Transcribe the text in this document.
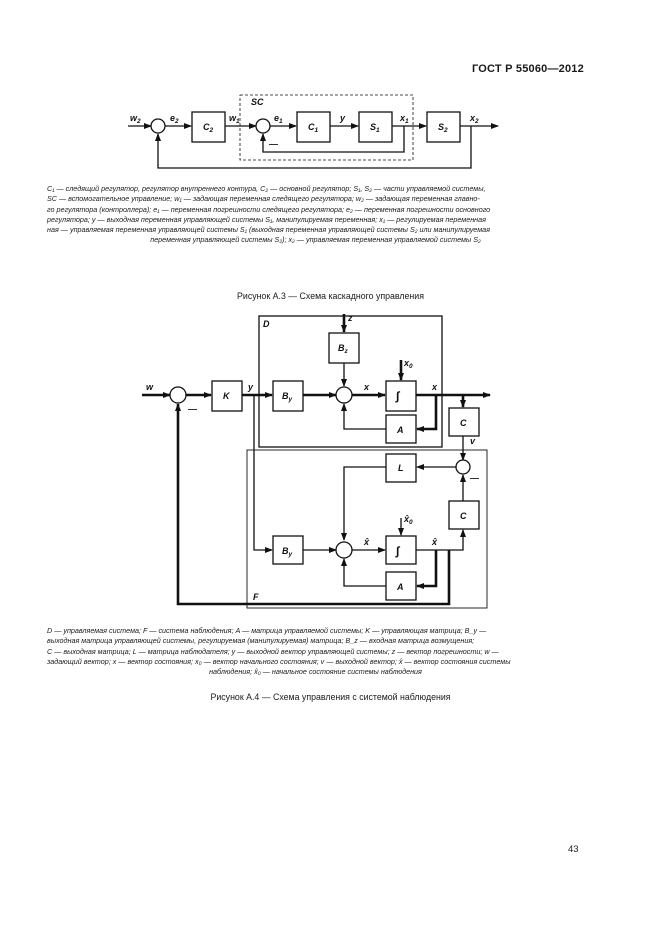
ГОСТ Р 55060—2012
$w_2$	$e_2$
$C_2$
$w_1$
SC
$e_1$
$C_1$
y
$S_1$
$x_1$
$S_2$
$x_2$
—
D
z
$B_z$
$x_0$
w
K
y
$B_y$
x
∫
x
C
A
v
L
—
C
$x̂_0$
$B_y$
x̂
∫
x̂
A
F
—
C₁ — следящий регулятор, регулятор внутреннего контура, C₂ — основной регулятор; S₁, S₂ — части управляемой системы,
SC — вспомогательное управление; w₁ — задающая переменная следящего регулятора; w₂ — задающая переменная главно-
го регулятора (контроллера); e₁ — переменная погрешности следящего регулятора; e₂ — переменная погрешности основного
регулятора; y — выходная переменная управляющей системы S₁, манипулируемая переменная; x₁ — регулируемая переменная
ная — управляемая переменная управляющей системы S₁ (выходная переменная управляющей системы S₂ или манипулируемая
переменная управляющей системы S₂); x₂ — управляемая переменная управляемой системы S₂
Рисунок А.3 — Схема каскадного управления
D — управляемая система; F — система наблюдения; A — матрица управляемой системы; K — управляющая матрица; B_y —
выходная матрица управляющей системы, регулируемая (манипулируемая) матрица; B_z — входная матрица возмущения;
C — выходная матрица; L — матрица наблюдателя; y — выходной вектор управляющей системы; z — вектор погрешности; w —
задающий вектор; x — вектор состояния; x₀ — вектор начального состояния; v — выходной вектор; x̂ — вектор состояния системы
наблюдения; x̂₀ — начальное состояние системы наблюдения
Рисунок А.4 — Схема управления с системой наблюдения
43
